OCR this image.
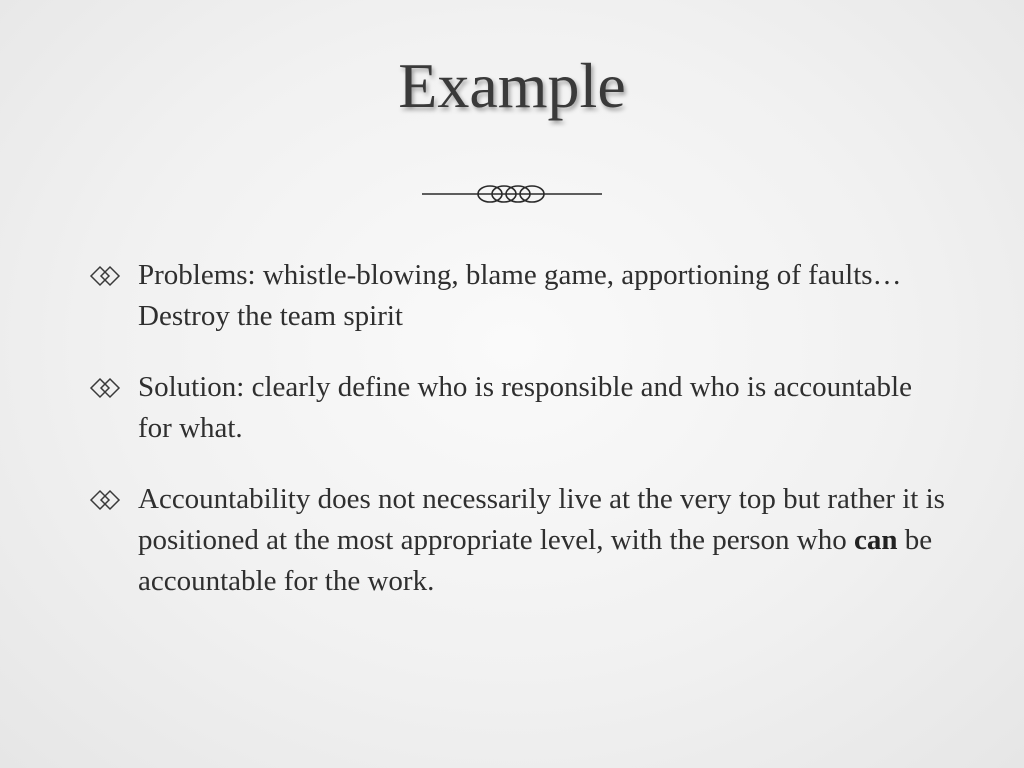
Example
Problems: whistle-blowing, blame game, apportioning of faults… Destroy the team spirit
Solution: clearly define who is responsible and who is accountable for what.
Accountability does not necessarily live at the very top but rather it is positioned at the most appropriate level, with the person who can be accountable for the work.
